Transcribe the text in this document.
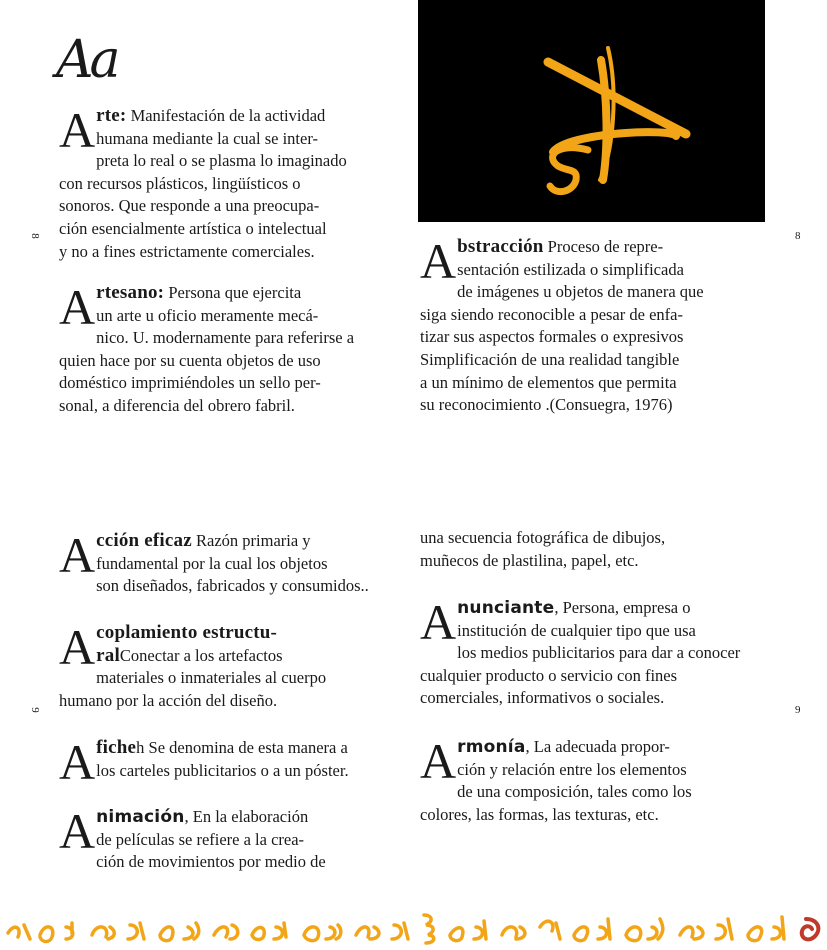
Aa
8	8
9	9
A rte: Manifestación de la actividad
humana mediante la cual se inter-
preta lo real o se plasma lo imaginado
con recursos plásticos, lingüísticos o
sonoros. Que responde a una preocupa-
ción esencialmente artística o intelectual
y no a fines estrictamente comerciales.
A rtesano: Persona que ejercita
un arte u oficio meramente mecá-
nico. U. modernamente para referirse a
quien hace por su cuenta objetos de uso
doméstico imprimiéndoles un sello per-
sonal, a diferencia del obrero fabril.
A bstracción Proceso de repre-
sentación estilizada o simplificada
de imágenes u objetos de manera que
siga siendo reconocible a pesar de enfa-
tizar sus aspectos formales o expresivos
Simplificación de una realidad tangible
a un mínimo de elementos que permita
su reconocimiento .(Consuegra, 1976)
A cción eficaz Razón primaria y
fundamental por la cual los objetos
son diseñados, fabricados y consumidos..
A coplamiento estructu-
ralConectar a los artefactos
materiales o inmateriales al cuerpo
humano por la acción del diseño.
A ficheh Se denomina de esta manera a
los carteles publicitarios o a un póster.
A nimación, En la elaboración
de películas se refiere a la crea-
ción de movimientos por medio de
una secuencia fotográfica de dibujos,
muñecos de plastilina, papel, etc.
A nunciante, Persona, empresa o
institución de cualquier tipo que usa
los medios publicitarios para dar a conocer
cualquier producto o servicio con fines
comerciales, informativos o sociales.
A rmonía, La adecuada propor-
ción y relación entre los elementos
de una composición, tales como los
colores, las formas, las texturas, etc.
